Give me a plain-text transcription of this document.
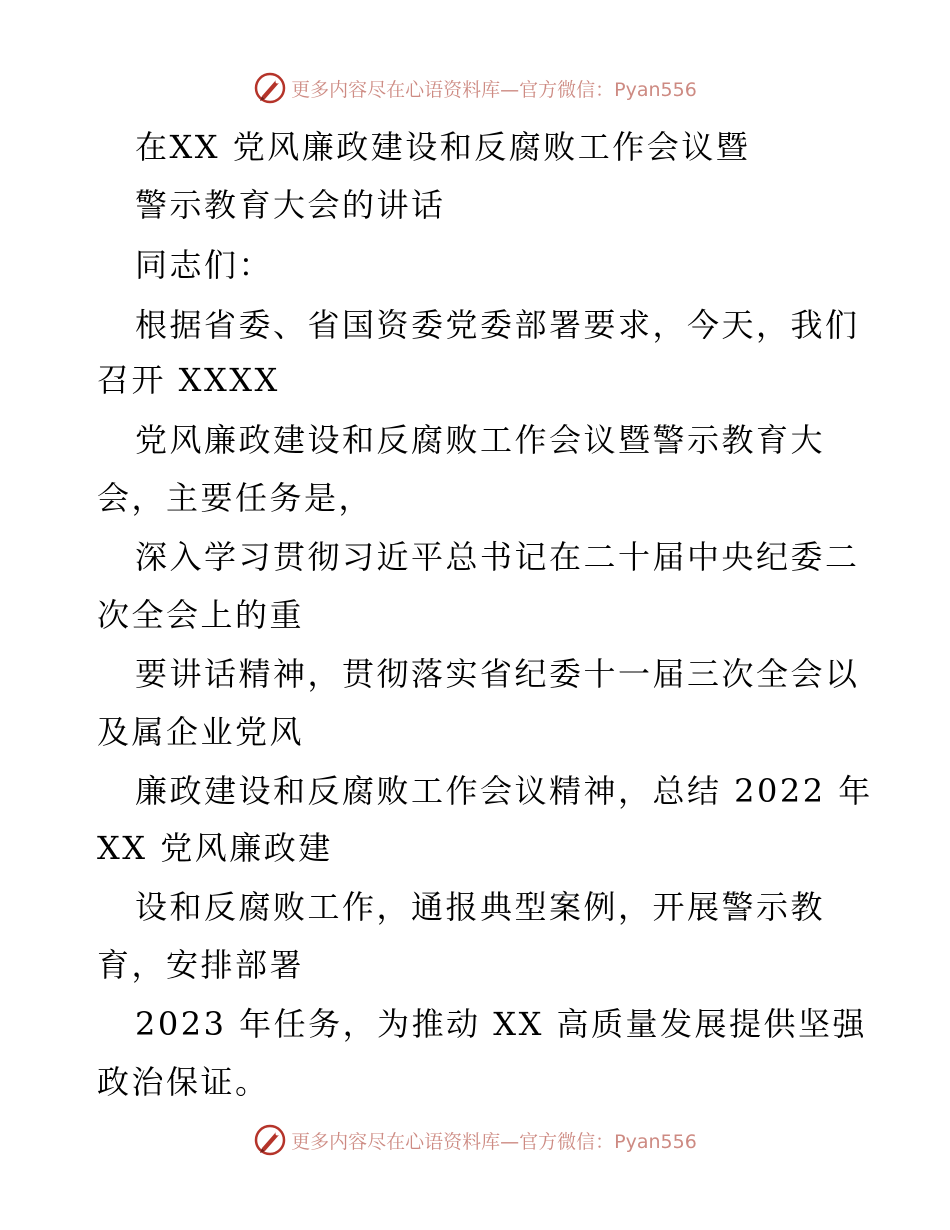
更多内容尽在心语资料库—官方微信：Pyan556
在XX 党风廉政建设和反腐败工作会议暨
警示教育大会的讲话
同志们：
根据省委、省国资委党委部署要求，今天，我们
召开 XXXX
党风廉政建设和反腐败工作会议暨警示教育大
会，主要任务是，
深入学习贯彻习近平总书记在二十届中央纪委二
次全会上的重
要讲话精神，贯彻落实省纪委十一届三次全会以
及属企业党风
廉政建设和反腐败工作会议精神，总结 2022 年
XX 党风廉政建
设和反腐败工作，通报典型案例，开展警示教
育，安排部署
2023 年任务，为推动 XX 高质量发展提供坚强
政治保证。
更多内容尽在心语资料库—官方微信：Pyan556
